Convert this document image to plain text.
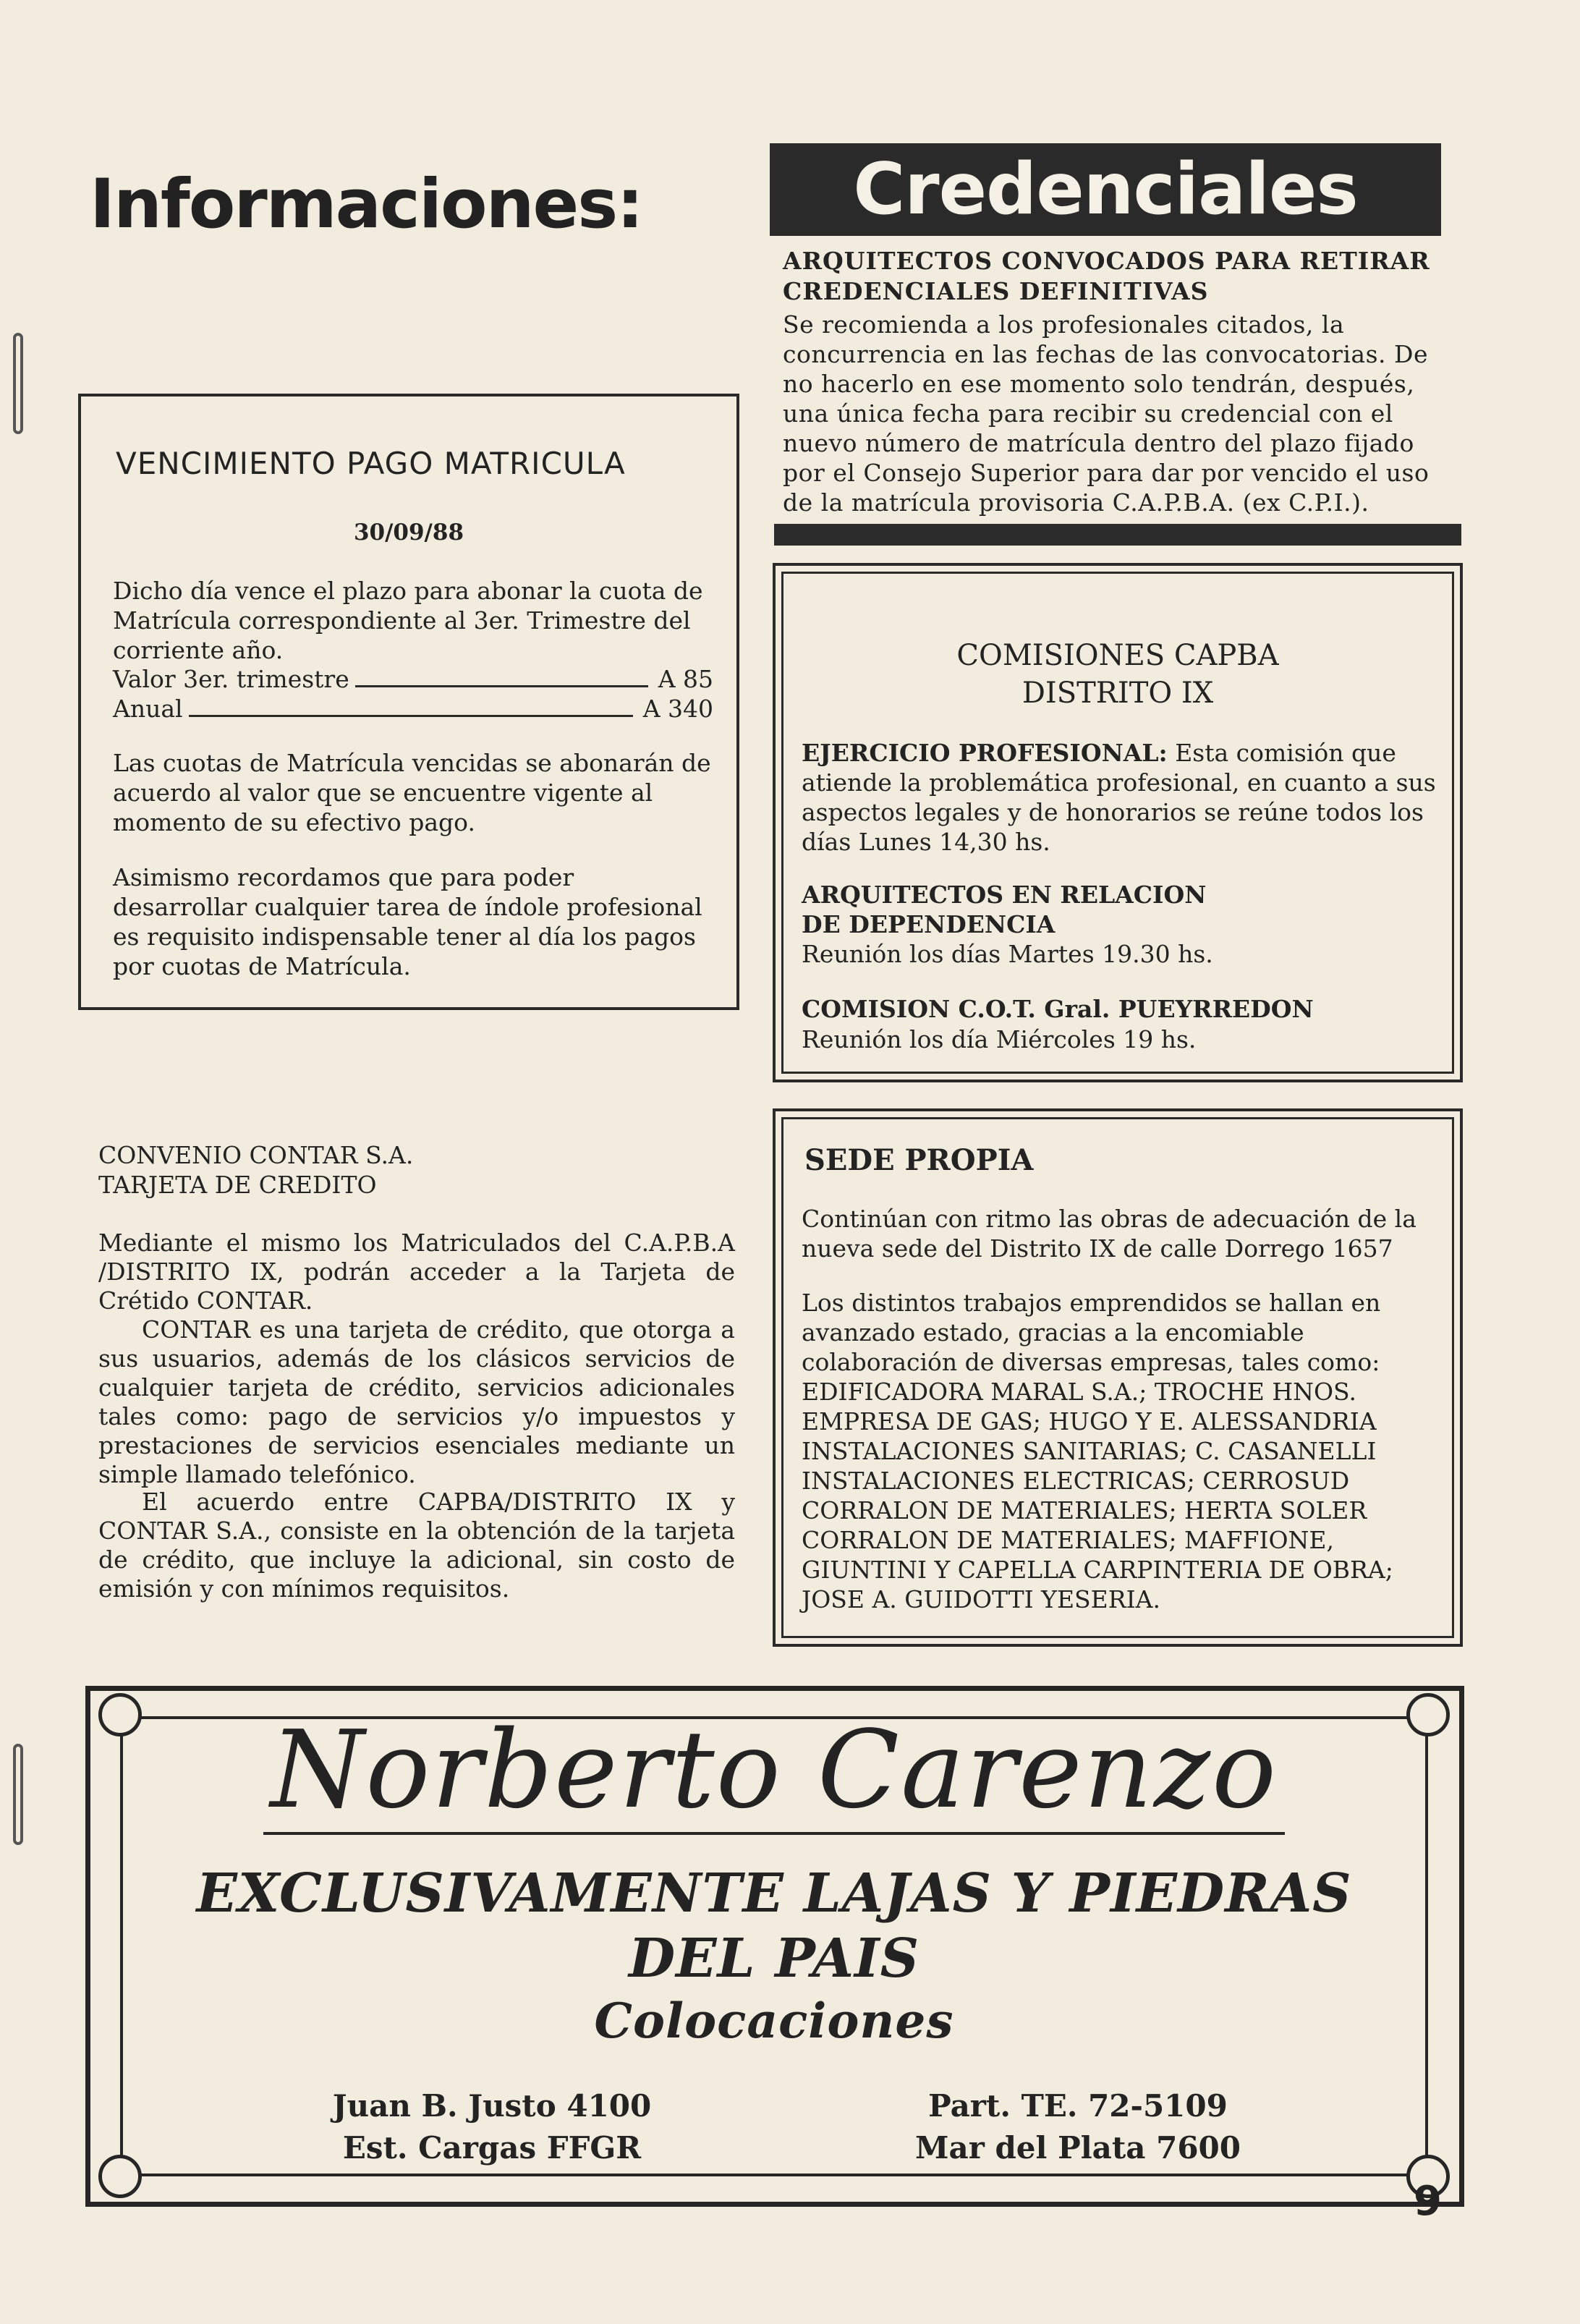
Informaciones:	Credenciales
ARQUITECTOS CONVOCADOS PARA RETIRAR CREDENCIALES DEFINITIVAS
Se recomienda a los profesionales citados, la concurrencia en las fechas de las convocatorias. De no hacerlo en ese momento solo tendrán, después, una única fecha para recibir su credencial con el nuevo número de matrícula dentro del plazo fijado por el Consejo Superior para dar por vencido el uso de la matrícula provisoria C.A.P.B.A. (ex C.P.I.).
VENCIMIENTO PAGO MATRICULA
30/09/88
Dicho día vence el plazo para abonar la cuota de Matrícula correspondiente al 3er. Trimestre del corriente año.
Valor 3er. trimestre	A 85
Anual	A 340
Las cuotas de Matrícula vencidas se abonarán de acuerdo al valor que se encuentre vigente al momento de su efectivo pago.
Asimismo recordamos que para poder desarrollar cualquier tarea de índole profesional es requisito indispensable tener al día los pagos por cuotas de Matrícula.
COMISIONES CAPBA
DISTRITO IX
EJERCICIO PROFESIONAL: Esta comisión que atiende la problemática profesional, en cuanto a sus aspectos legales y de honorarios se reúne todos los días Lunes 14,30 hs.
ARQUITECTOS EN RELACION
DE DEPENDENCIA
Reunión los días Martes 19.30 hs.
COMISION C.O.T. Gral. PUEYRREDON
Reunión los día Miércoles 19 hs.
CONVENIO CONTAR S.A.
TARJETA DE CREDITO
Mediante el mismo los Matriculados del C.A.P.B.A /DISTRITO IX, podrán acceder a la Tarjeta de Crétido CONTAR.
CONTAR es una tarjeta de crédito, que otorga a sus usuarios, además de los clásicos servicios de cualquier tarjeta de crédito, servicios adicionales tales como: pago de servicios y/o impuestos y prestaciones de servicios esenciales mediante un simple llamado telefónico.
El acuerdo entre CAPBA/DISTRITO IX y CONTAR S.A., consiste en la obtención de la tarjeta de crédito, que incluye la adicional, sin costo de emisión y con mínimos requisitos.
SEDE PROPIA
Continúan con ritmo las obras de adecuación de la nueva sede del Distrito IX de calle Dorrego 1657
Los distintos trabajos emprendidos se hallan en avanzado estado, gracias a la encomiable colaboración de diversas empresas, tales como: EDIFICADORA MARAL S.A.; TROCHE HNOS. EMPRESA DE GAS; HUGO Y E. ALESSANDRIA INSTALACIONES SANITARIAS; C. CASANELLI INSTALACIONES ELECTRICAS; CERROSUD CORRALON DE MATERIALES; HERTA SOLER CORRALON DE MATERIALES; MAFFIONE, GIUNTINI Y CAPELLA CARPINTERIA DE OBRA; JOSE A. GUIDOTTI YESERIA.
Norberto Carenzo
EXCLUSIVAMENTE LAJAS Y PIEDRAS
DEL PAIS
Colocaciones
Juan B. Justo 4100
Est. Cargas FFGR
Part. TE. 72-5109
Mar del Plata 7600
9
